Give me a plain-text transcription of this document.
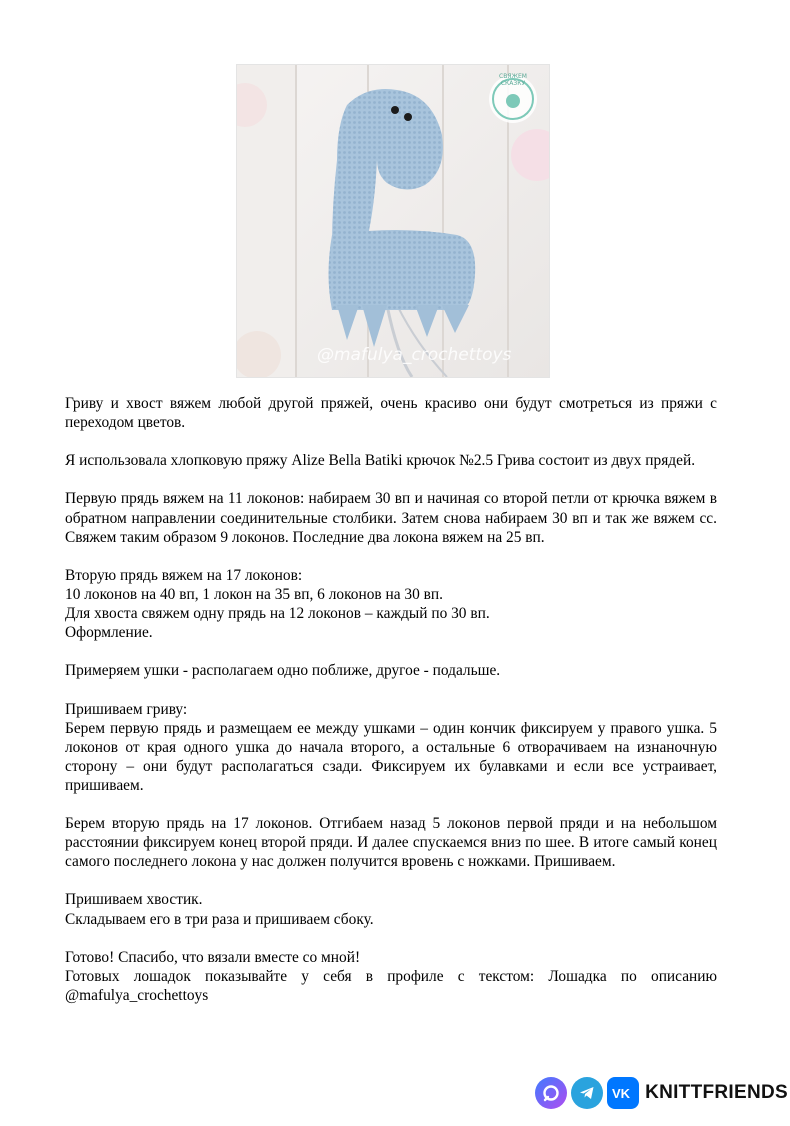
@mafulya_crochettoys
СВЯЖЕМ СКАЗКУ

Гриву и хвост вяжем любой другой пряжей, очень красиво они будут смотреться из пряжи с переходом цветов.

Я использовала хлопковую пряжу Alize Bella Batiki крючок №2.5 Грива состоит из двух прядей.

Первую прядь вяжем на 11 локонов: набираем 30 вп и начиная со второй петли от крючка вяжем в обратном направлении соединительные столбики. Затем снова набираем 30 вп и так же вяжем сс. Свяжем таким образом 9 локонов. Последние два локона вяжем на 25 вп.

Вторую прядь вяжем на 17 локонов:
10 локонов на 40 вп, 1 локон на 35 вп, 6 локонов на 30 вп.
Для хвоста свяжем одну прядь на 12 локонов – каждый по 30 вп.
Оформление.

Примеряем ушки - располагаем одно поближе, другое - подальше.

Пришиваем гриву:
Берем первую прядь и размещаем ее между ушками – один кончик фиксируем у правого ушка. 5 локонов от края одного ушка до начала второго, а остальные 6 отворачиваем на изнаночную сторону – они будут располагаться сзади. Фиксируем их булавками и если все устраивает, пришиваем.

Берем вторую прядь на 17 локонов. Отгибаем назад 5 локонов первой пряди и на небольшом расстоянии фиксируем конец второй пряди. И далее спускаемся вниз по шее. В итоге самый конец самого последнего локона у нас должен получится вровень с ножками. Пришиваем.

Пришиваем хвостик.
Складываем его в три раза и пришиваем сбоку.

Готово! Спасибо, что вязали вместе со мной!
Готовых лошадок показывайте у себя в профиле с текстом: Лошадка по описанию @mafulya_crochettoys

VK KNITTFRIENDS
